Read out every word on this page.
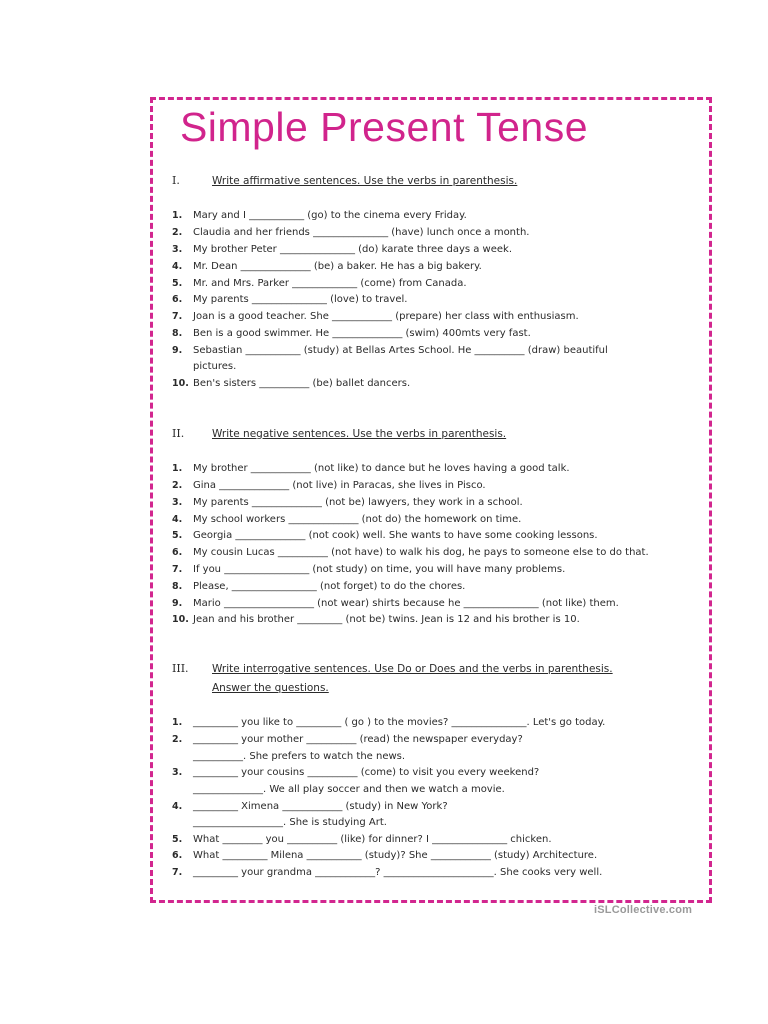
Simple Present Tense
I.	Write affirmative sentences. Use the verbs in parenthesis.
1. Mary and I ___________ (go) to the cinema every Friday.
2. Claudia and her friends _______________ (have) lunch once a month.
3. My brother Peter _______________ (do) karate three days a week.
4. Mr. Dean ______________ (be) a baker. He has a big bakery.
5. Mr. and Mrs. Parker _____________ (come) from Canada.
6. My parents _______________ (love) to travel.
7. Joan is a good teacher. She ____________ (prepare) her class with enthusiasm.
8. Ben is a good swimmer. He ______________ (swim) 400mts very fast.
9. Sebastian ___________ (study) at Bellas Artes School. He __________ (draw) beautiful
pictures.
10. Ben's sisters __________ (be) ballet dancers.
II.	Write negative sentences. Use the verbs in parenthesis.
1. My brother ____________ (not like) to dance but he loves having a good talk.
2. Gina ______________ (not live) in Paracas, she lives in Pisco.
3. My parents ______________ (not be) lawyers, they work in a school.
4. My school workers ______________ (not do) the homework on time.
5. Georgia ______________ (not cook) well. She wants to have some cooking lessons.
6. My cousin Lucas __________ (not have) to walk his dog, he pays to someone else to do that.
7. If you _________________ (not study) on time, you will have many problems.
8. Please, _________________ (not forget) to do the chores.
9. Mario __________________ (not wear) shirts because he _______________ (not like) them.
10. Jean and his brother _________ (not be) twins. Jean is 12 and his brother is 10.
III. Write interrogative sentences. Use Do or Does and the verbs in parenthesis.
Answer the questions.
1. _________ you like to _________ ( go ) to the movies? _______________. Let's go today.
2. _________ your mother __________ (read) the newspaper everyday?
__________. She prefers to watch the news.
3. _________ your cousins __________ (come) to visit you every weekend?
______________. We all play soccer and then we watch a movie.
4. _________ Ximena ____________ (study) in New York?
__________________. She is studying Art.
5. What ________ you __________ (like) for dinner? I _______________ chicken.
6. What _________ Milena ___________ (study)? She ____________ (study) Architecture.
7. _________ your grandma ____________? ______________________. She cooks very well.
iSLCollective.com
